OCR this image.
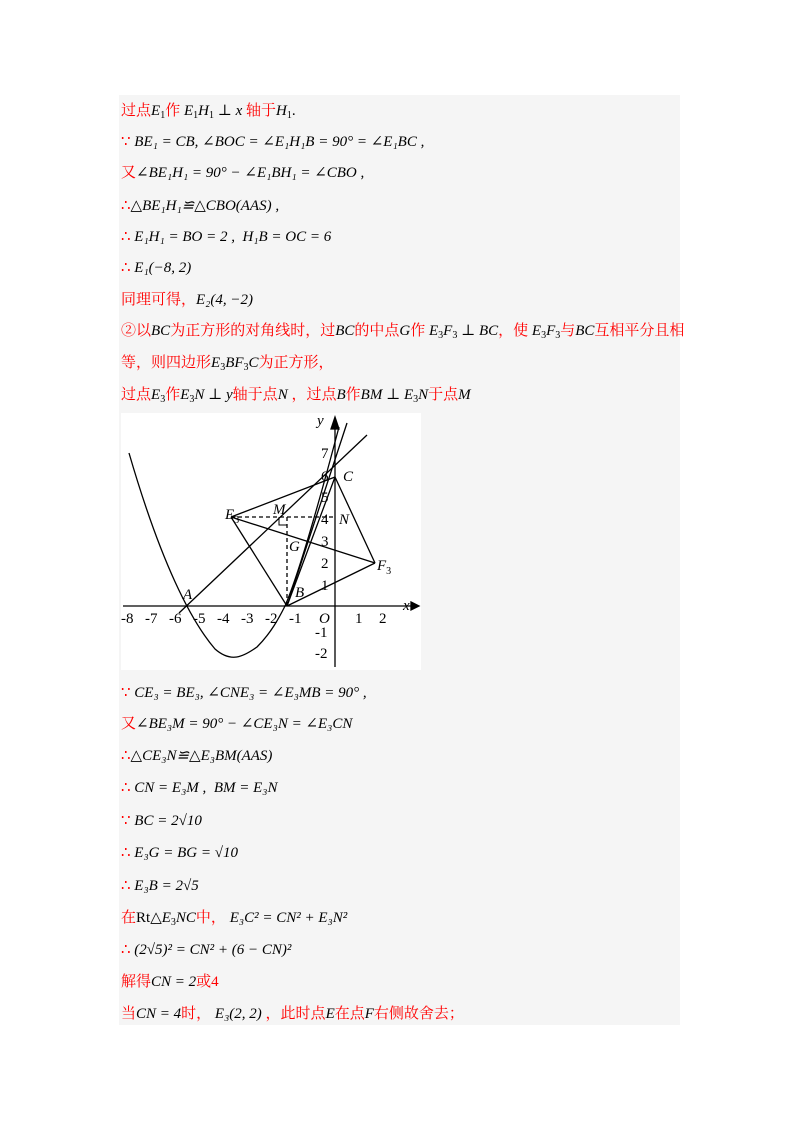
过点$E_1$作 $E_1H_1$ ⊥ x 轴于$H_1$.
∵ BE₁ = CB, ∠BOC = ∠E₁H₁B = 90° = ∠E₁BC ,
又∠BE₁H₁ = 90° − ∠E₁BH₁ = ∠CBO ,
∴△BE₁H₁≌△CBO(AAS) ,
∴ E₁H₁ = BO = 2 , H₁B = OC = 6
∴ E₁(−8, 2)
同理可得，E₂(4, −2)
②以BC为正方形的对角线时，过BC的中点G作 $E_3F_3$ ⊥ BC，使 $E_3F_3$与BC互相平分且相
等，则四边形$E_3BF_3C$为正方形，
过点$E_3$作$E_3N$ ⊥ y轴于点N ，过点B作BM ⊥ $E_3N$于点M
-8 -7 -6 -5 -4 -3 -2 -1 O 1 2
7
6
5
4
3
2
1
-1
-2
x
y
A	B
C
$E_3$
$F_3$
M
N
G
∵ CE₃ = BE₃, ∠CNE₃ = ∠E₃MB = 90° ,
又∠BE₃M = 90° − ∠CE₃N = ∠E₃CN
∴△CE₃N≌△E₃BM(AAS)
∴ CN = E₃M , BM = E₃N
∵ BC = 2√10
∴ E₃G = BG = √10
∴ E₃B = 2√5
在$Rt\triangle E_3NC$中， E₃C² = CN² + E₃N²
∴ (2√5)² = CN² + (6 − CN)²
解得CN = 2或4
当CN = 4时， E₃(2, 2) ，此时点E在点F右侧故舍去；
